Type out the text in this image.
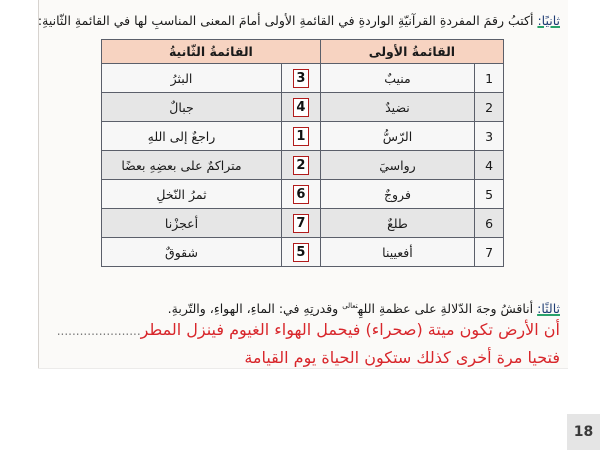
ثانيًا: أكتبُ رقمَ المفردةِ القرآنيّةِ الواردةِ في القائمةِ الأولى أمامَ المعنى المناسبِ لها في القائمةِ الثّانيةِ:
القائمةُ الأولى		القائمةُ الثّانيةُ	
1	منيبٌ	3	البثرُ
2	نضيدٌ	4	جبالٌ
3	الرّسُّ	1	راجعٌ إلى اللهِ
4	رواسيَ	2	متراكمٌ على بعضِهِ بعضًا
5	فروجٌ	6	ثمرُ النّخلِ
6	طلعٌ	7	أعجزْنا
7	أفعيينا	5	شقوقٌ
ثالثًا: أناقشُ وجهَ الدّلالةِ على عظمةِ اللهِ$^{تعالى}$ وقدرتِهِ في: الماءِ، الهواءِ، والتّربةِ.
أن الأرض تكون ميتة (صحراء) فيحمل الهواء الغيوم فينزل المطر......................
فتحيا مرة أخرى كذلك ستكون الحياة يوم القيامة
18
